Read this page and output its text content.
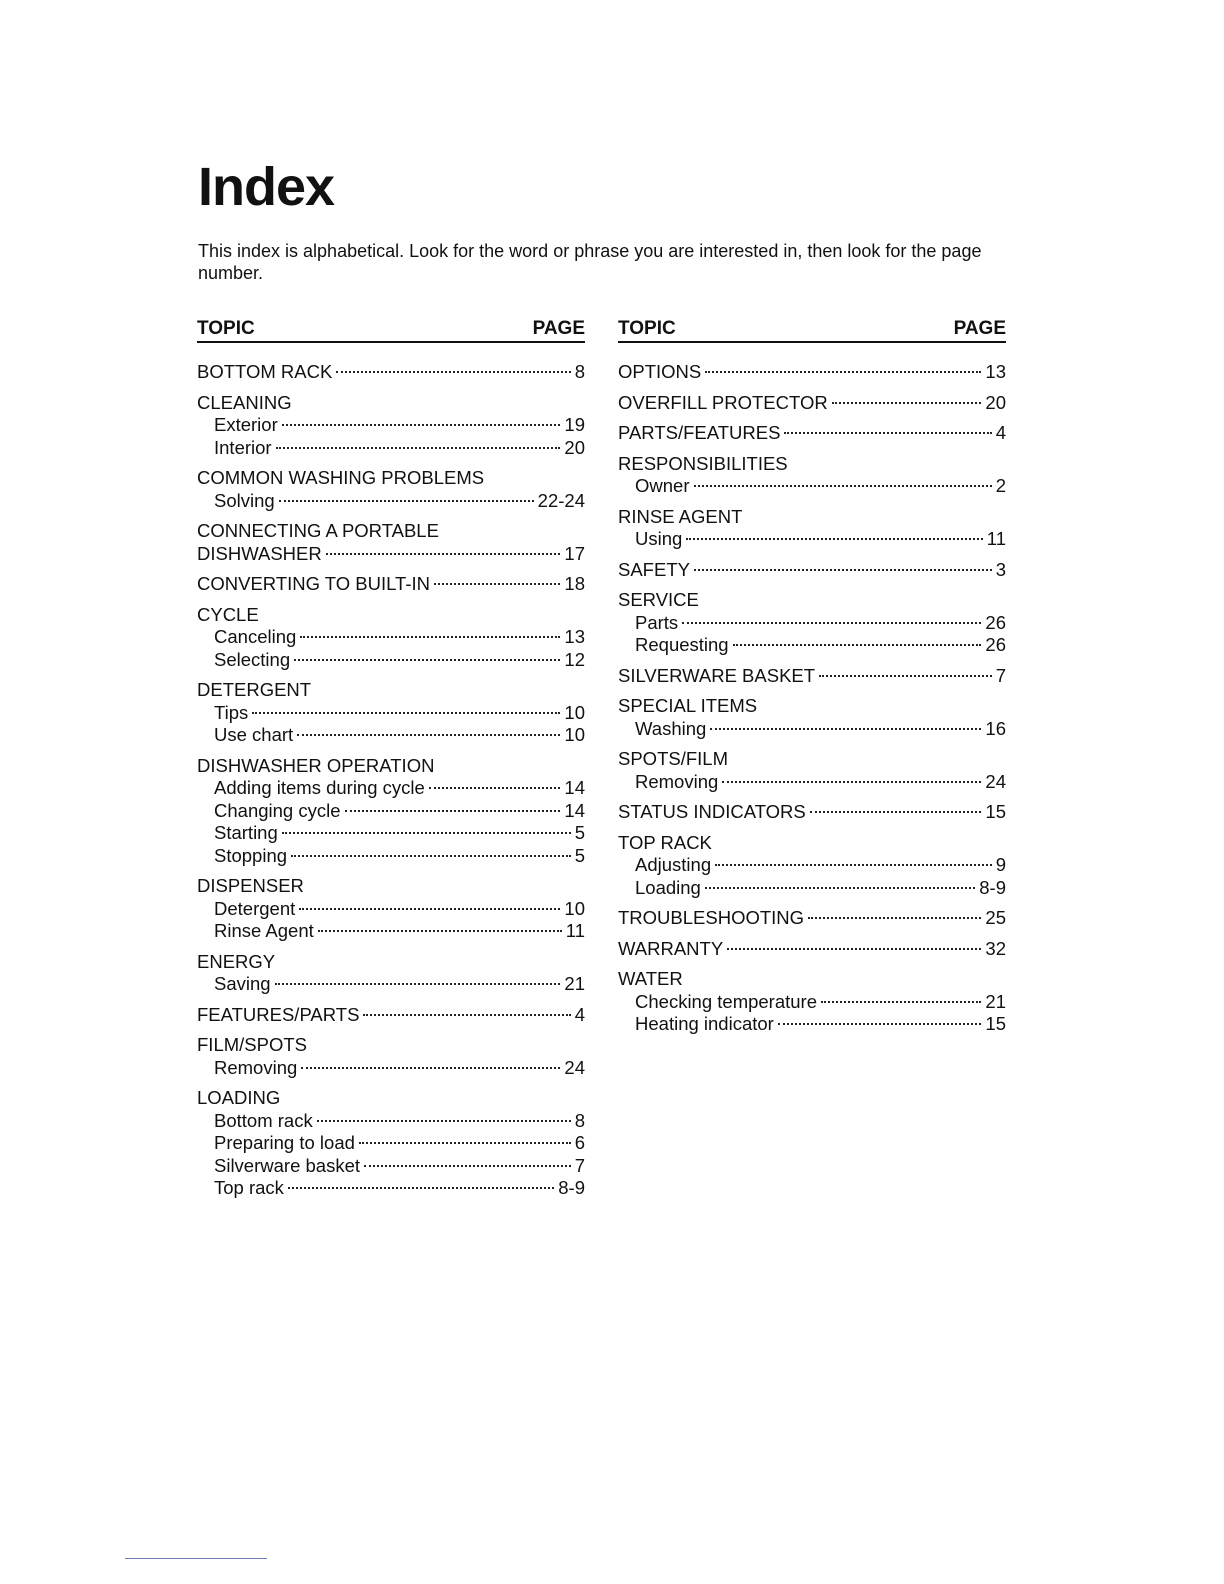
Index

This index is alphabetical. Look for the word or phrase you are interested in, then look for the page number.

TOPIC	PAGE
BOTTOM RACK	8
CLEANING
Exterior	19
Interior	20
COMMON WASHING PROBLEMS
Solving	22-24
CONNECTING A PORTABLE
DISHWASHER	17
CONVERTING TO BUILT-IN	18
CYCLE
Canceling	13
Selecting	12
DETERGENT
Tips	10
Use chart	10
DISHWASHER OPERATION
Adding items during cycle	14
Changing cycle	14
Starting	5
Stopping	5
DISPENSER
Detergent	10
Rinse Agent	11
ENERGY
Saving	21
FEATURES/PARTS	4
FILM/SPOTS
Removing	24
LOADING
Bottom rack	8
Preparing to load	6
Silverware basket	7
Top rack	8-9
TOPIC	PAGE
OPTIONS	13
OVERFILL PROTECTOR	20
PARTS/FEATURES	4
RESPONSIBILITIES
Owner	2
RINSE AGENT
Using	11
SAFETY	3
SERVICE
Parts	26
Requesting	26
SILVERWARE BASKET	7
SPECIAL ITEMS
Washing	16
SPOTS/FILM
Removing	24
STATUS INDICATORS	15
TOP RACK
Adjusting	9
Loading	8-9
TROUBLESHOOTING	25
WARRANTY	32
WATER
Checking temperature	21
Heating indicator	15
